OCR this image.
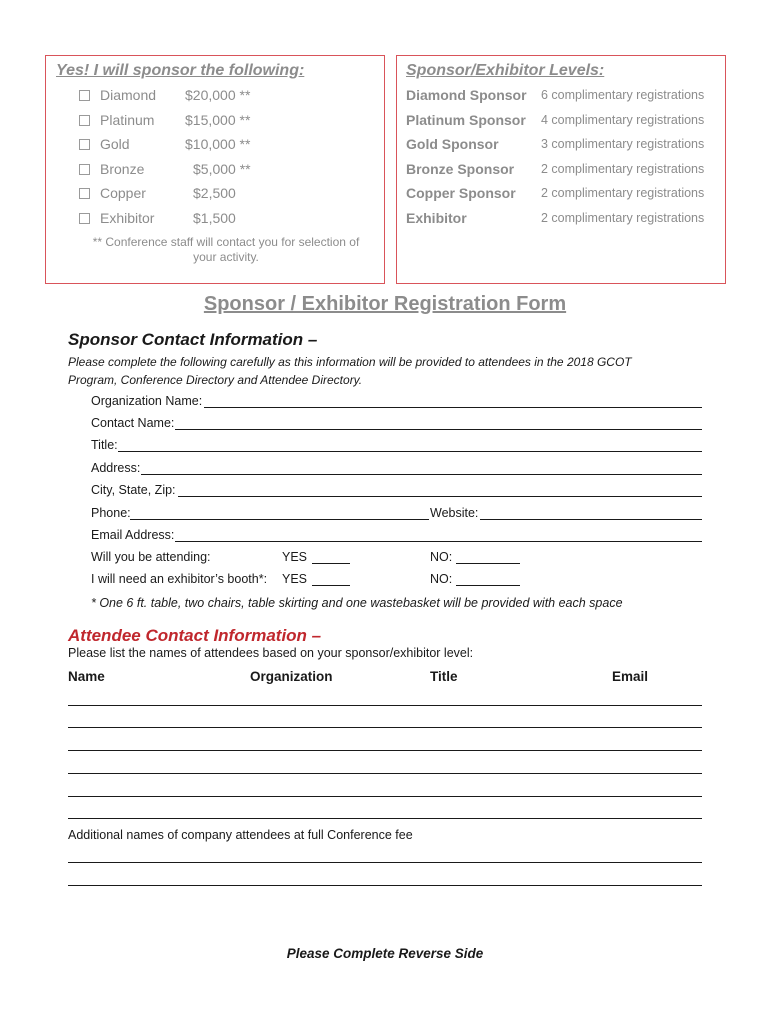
Yes! I will sponsor the following:
Diamond $20,000 **
Platinum $15,000 **
Gold	$10,000 **
Bronze	$5,000 **
Copper	$2,500
Exhibitor	$1,500
** Conference staff will contact you for selection of
your activity.
Sponsor/Exhibitor Levels:
Diamond Sponsor 6 complimentary registrations
Platinum Sponsor 4 complimentary registrations
Gold Sponsor	3 complimentary registrations
Bronze Sponsor 2 complimentary registrations
Copper Sponsor 2 complimentary registrations
Exhibitor	2 complimentary registrations
Sponsor / Exhibitor Registration Form
Sponsor Contact Information –
Please complete the following carefully as this information will be provided to attendees in the 2018 GCOT
Program, Conference Directory and Attendee Directory.
Organization Name:
Contact Name:
Title:
Address:
City, State, Zip:
Phone:	Website:
Email Address:
Will you be attending:	YES	NO:
I will need an exhibitor’s booth*: YES	NO:
* One 6 ft. table, two chairs, table skirting and one wastebasket will be provided with each space
Attendee Contact Information –
Please list the names of attendees based on your sponsor/exhibitor level:
Name	Organization	Title	Email
Additional names of company attendees at full Conference fee
Please Complete Reverse Side
